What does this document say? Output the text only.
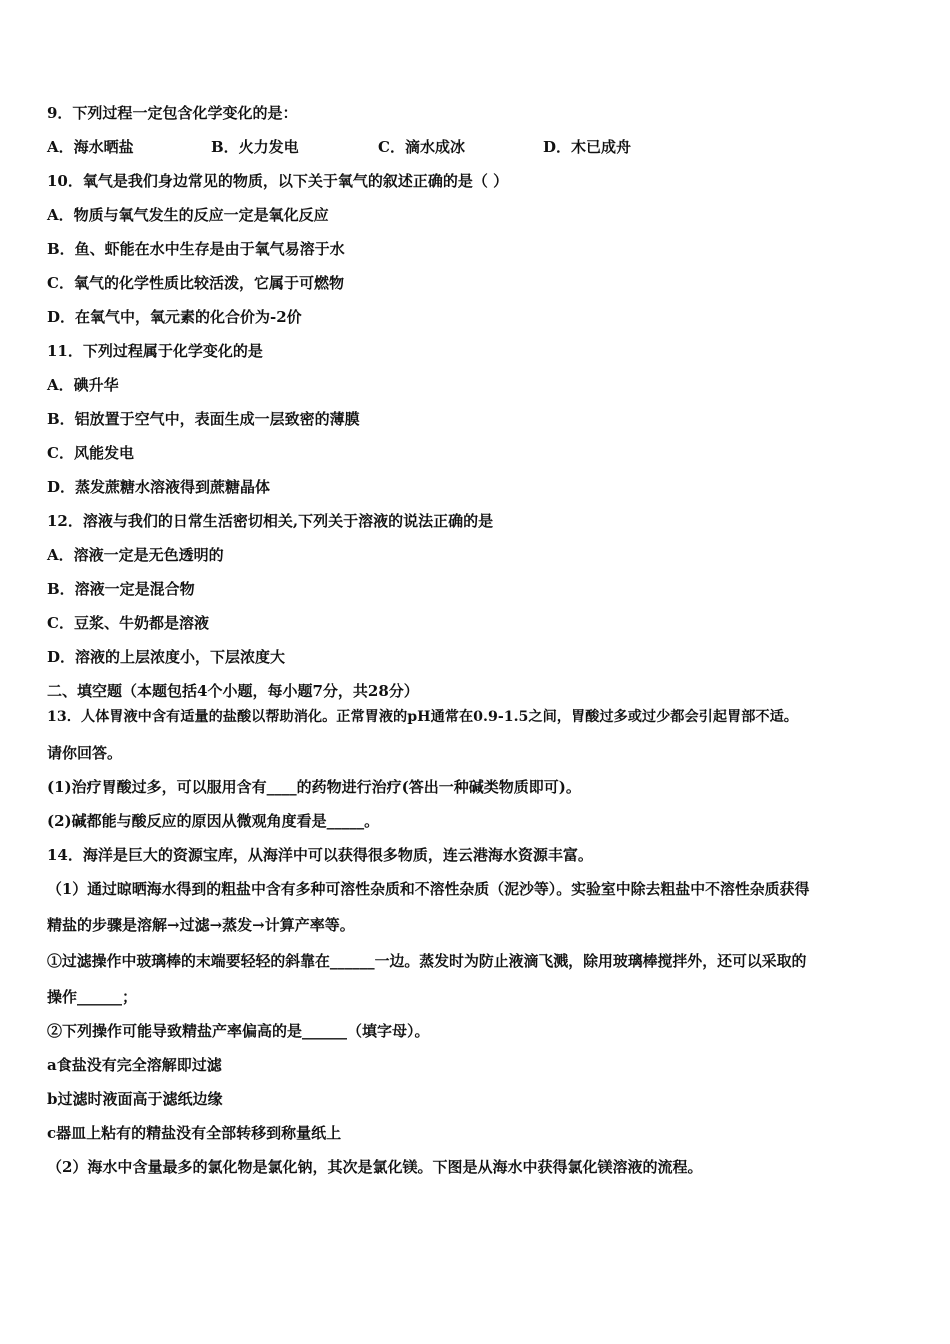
9．下列过程一定包含化学变化的是：
A．海水晒盐	B．火力发电	C．滴水成冰	D．木已成舟
10．氧气是我们身边常见的物质，以下关于氧气的叙述正确的是（ ）
A．物质与氧气发生的反应一定是氧化反应
B．鱼、虾能在水中生存是由于氧气易溶于水
C．氧气的化学性质比较活泼，它属于可燃物
D．在氧气中，氧元素的化合价为-2价
11．下列过程属于化学变化的是
A．碘升华
B．铝放置于空气中，表面生成一层致密的薄膜
C．风能发电
D．蒸发蔗糖水溶液得到蔗糖晶体
12．溶液与我们的日常生活密切相关,下列关于溶液的说法正确的是
A．溶液一定是无色透明的
B．溶液一定是混合物
C．豆浆、牛奶都是溶液
D．溶液的上层浓度小，下层浓度大
二、填空题（本题包括4个小题，每小题7分，共28分）
13．人体胃液中含有适量的盐酸以帮助消化。正常胃液的pH通常在0.9-1.5之间，胃酸过多或过少都会引起胃部不适。
请你回答。
(1)治疗胃酸过多，可以服用含有____的药物进行治疗(答出一种碱类物质即可)。
(2)碱都能与酸反应的原因从微观角度看是_____。
14．海洋是巨大的资源宝库，从海洋中可以获得很多物质，连云港海水资源丰富。
（1）通过晾晒海水得到的粗盐中含有多种可溶性杂质和不溶性杂质（泥沙等）。实验室中除去粗盐中不溶性杂质获得
精盐的步骤是溶解→过滤→蒸发→计算产率等。
①过滤操作中玻璃棒的末端要轻轻的斜靠在______一边。蒸发时为防止液滴飞溅，除用玻璃棒搅拌外，还可以采取的
操作______；
②下列操作可能导致精盐产率偏高的是______（填字母）。
a食盐没有完全溶解即过滤
b过滤时液面高于滤纸边缘
c器皿上粘有的精盐没有全部转移到称量纸上
（2）海水中含量最多的氯化物是氯化钠，其次是氯化镁。下图是从海水中获得氯化镁溶液的流程。
